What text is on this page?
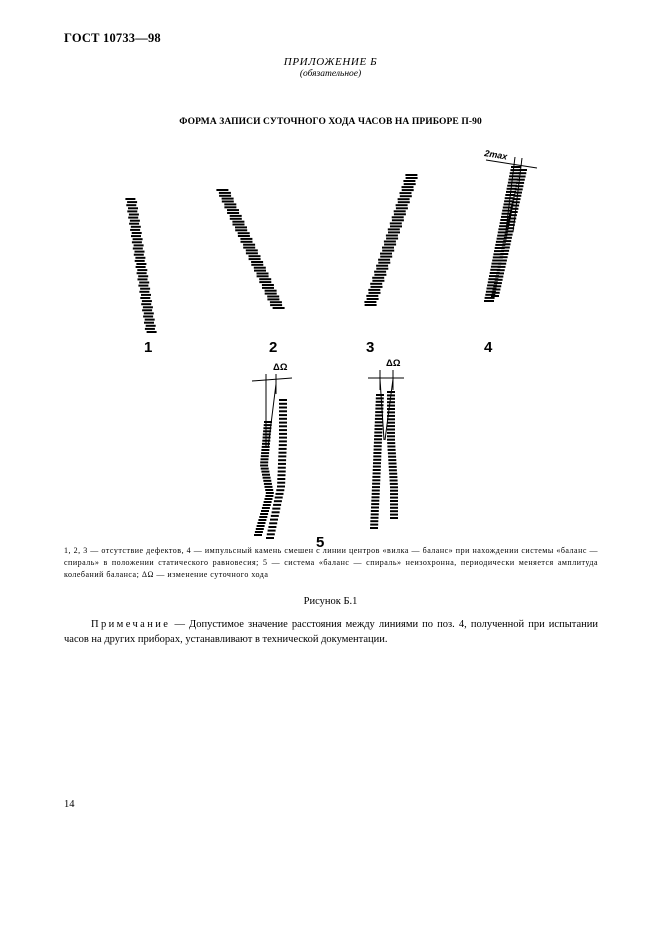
ГОСТ 10733—98
ПРИЛОЖЕНИЕ Б
(обязательное)
ФОРМА ЗАПИСИ СУТОЧНОГО ХОДА ЧАСОВ НА ПРИБОРЕ П-90
1	2	3	4
5
2max
ΔΩ	ΔΩ
1, 2, 3 — отсутствие дефектов, 4 — импульсный камень смешен с линии центров «вилка — баланс» при нахождении системы «баланс — спираль» в положении статического равновесия; 5 — система «баланс — спираль» неизохронна, периодически меняется амплитуда колебаний баланса; ΔΩ — изменение суточного хода
Рисунок Б.1
Примечание — Допустимое значение расстояния между линиями по поз. 4, полученной при испытании часов на других приборах, устанавливают в технической документации.
14
